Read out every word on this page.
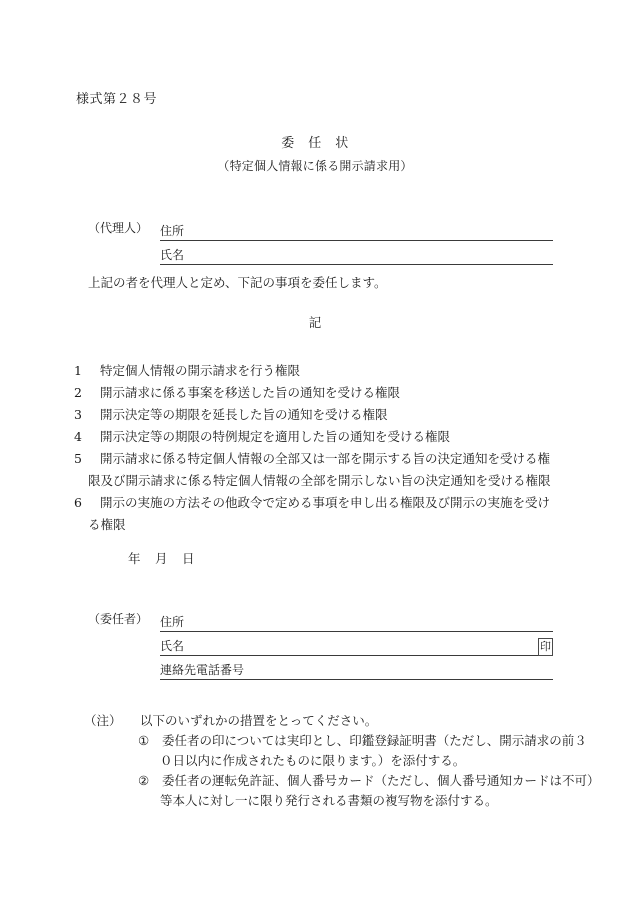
様式第２８号
委　任　状
（特定個人情報に係る開示請求用）
（代理人） 住所
氏名
上記の者を代理人と定め、下記の事項を委任します。
記
1 特定個人情報の開示請求を行う権限
2 開示請求に係る事案を移送した旨の通知を受ける権限
3 開示決定等の期限を延長した旨の通知を受ける権限
4 開示決定等の期限の特例規定を適用した旨の通知を受ける権限
5 開示請求に係る特定個人情報の全部又は一部を開示する旨の決定通知を受ける権
限及び開示請求に係る特定個人情報の全部を開示しない旨の決定通知を受ける権限
6 開示の実施の方法その他政令で定める事項を申し出る権限及び開示の実施を受け
る権限
年　月　日
（委任者） 住所
氏名	印
連絡先電話番号
（注） 以下のいずれかの措置をとってください。
① 委任者の印については実印とし、印鑑登録証明書（ただし、開示請求の前３
０日以内に作成されたものに限ります。）を添付する。
② 委任者の運転免許証、個人番号カード（ただし、個人番号通知カードは不可）
等本人に対し一に限り発行される書類の複写物を添付する。
